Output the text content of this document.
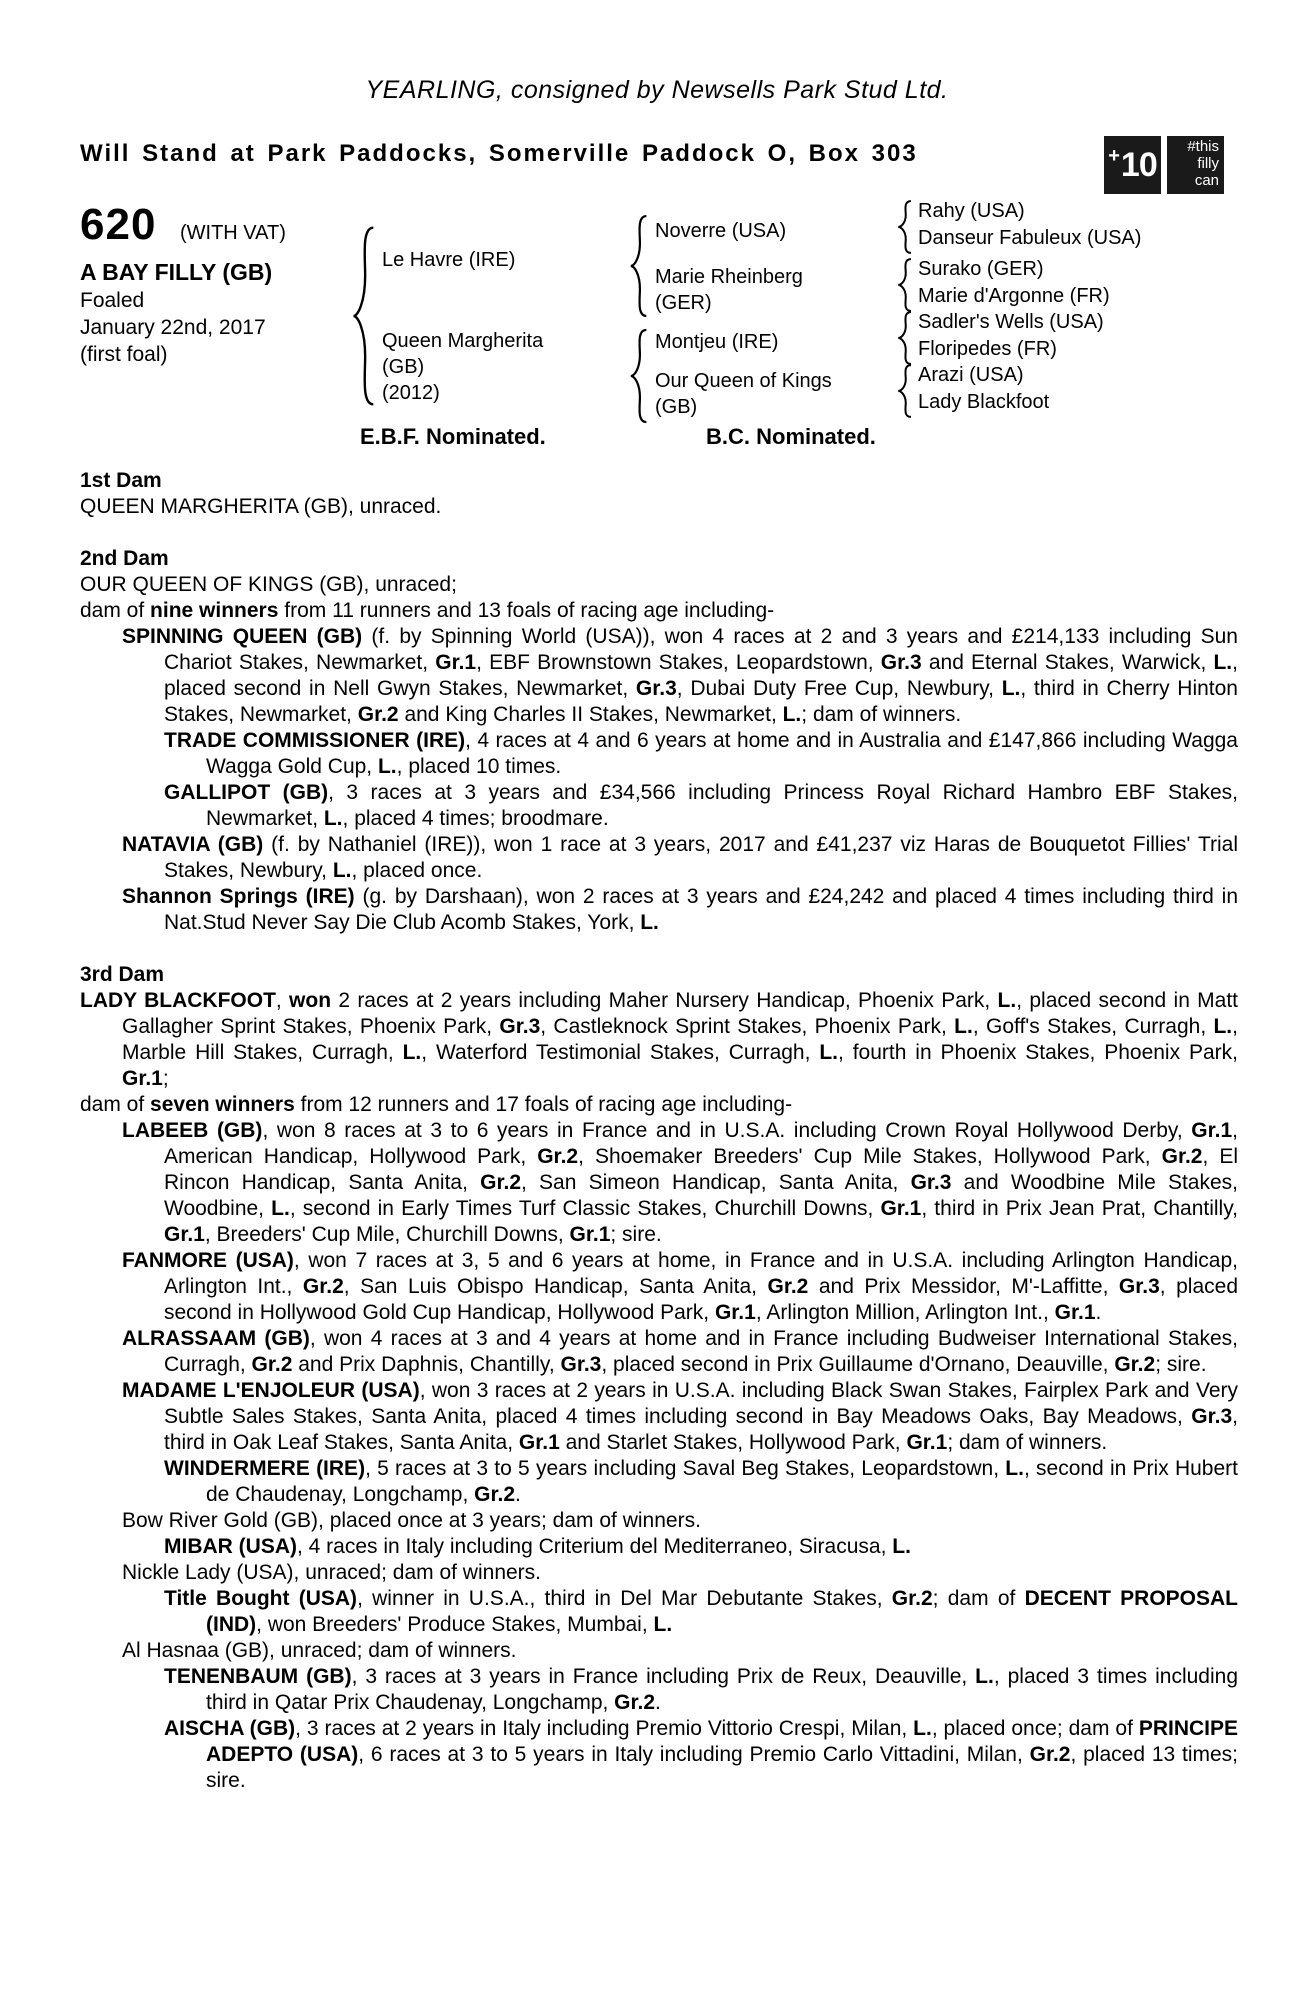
YEARLING, consigned by Newsells Park Stud Ltd.
Will Stand at Park Paddocks, Somerville Paddock O, Box 303	+ 10	#this
filly
can
620 (WITH VAT)
A BAY FILLY (GB)
Foaled
January 22nd, 2017
(first foal)
Le Havre (IRE)
Queen Margherita
(GB)
(2012)
Noverre (USA)
Marie Rheinberg
(GER)
Montjeu (IRE)
Our Queen of Kings
(GB)
Rahy (USA)
Danseur Fabuleux (USA)
Surako (GER)
Marie d'Argonne (FR)
Sadler's Wells (USA)
Floripedes (FR)
Arazi (USA)
Lady Blackfoot
E.B.F. Nominated.	B.C. Nominated.
1st Dam

QUEEN MARGHERITA (GB), unraced.

2nd Dam

OUR QUEEN OF KINGS (GB), unraced;

dam of nine winners from 11 runners and 13 foals of racing age including-

SPINNING QUEEN (GB) (f. by Spinning World (USA)), won 4 races at 2 and 3 years and £214,133 including Sun Chariot Stakes, Newmarket, Gr.1, EBF Brownstown Stakes, Leopardstown, Gr.3 and Eternal Stakes, Warwick, L., placed second in Nell Gwyn Stakes, Newmarket, Gr.3, Dubai Duty Free Cup, Newbury, L., third in Cherry Hinton Stakes, Newmarket, Gr.2 and King Charles II Stakes, Newmarket, L.; dam of winners.

TRADE COMMISSIONER (IRE), 4 races at 4 and 6 years at home and in Australia and £147,866 including Wagga Wagga Gold Cup, L., placed 10 times.

GALLIPOT (GB), 3 races at 3 years and £34,566 including Princess Royal Richard Hambro EBF Stakes, Newmarket, L., placed 4 times; broodmare.

NATAVIA (GB) (f. by Nathaniel (IRE)), won 1 race at 3 years, 2017 and £41,237 viz Haras de Bouquetot Fillies' Trial Stakes, Newbury, L., placed once.

Shannon Springs (IRE) (g. by Darshaan), won 2 races at 3 years and £24,242 and placed 4 times including third in Nat.Stud Never Say Die Club Acomb Stakes, York, L.

3rd Dam

LADY BLACKFOOT, won 2 races at 2 years including Maher Nursery Handicap, Phoenix Park, L., placed second in Matt Gallagher Sprint Stakes, Phoenix Park, Gr.3, Castleknock Sprint Stakes, Phoenix Park, L., Goff's Stakes, Curragh, L., Marble Hill Stakes, Curragh, L., Waterford Testimonial Stakes, Curragh, L., fourth in Phoenix Stakes, Phoenix Park, Gr.1;

dam of seven winners from 12 runners and 17 foals of racing age including-

LABEEB (GB), won 8 races at 3 to 6 years in France and in U.S.A. including Crown Royal Hollywood Derby, Gr.1, American Handicap, Hollywood Park, Gr.2, Shoemaker Breeders' Cup Mile Stakes, Hollywood Park, Gr.2, El Rincon Handicap, Santa Anita, Gr.2, San Simeon Handicap, Santa Anita, Gr.3 and Woodbine Mile Stakes, Woodbine, L., second in Early Times Turf Classic Stakes, Churchill Downs, Gr.1, third in Prix Jean Prat, Chantilly, Gr.1, Breeders' Cup Mile, Churchill Downs, Gr.1; sire.

FANMORE (USA), won 7 races at 3, 5 and 6 years at home, in France and in U.S.A. including Arlington Handicap, Arlington Int., Gr.2, San Luis Obispo Handicap, Santa Anita, Gr.2 and Prix Messidor, M'-Laffitte, Gr.3, placed second in Hollywood Gold Cup Handicap, Hollywood Park, Gr.1, Arlington Million, Arlington Int., Gr.1.

ALRASSAAM (GB), won 4 races at 3 and 4 years at home and in France including Budweiser International Stakes, Curragh, Gr.2 and Prix Daphnis, Chantilly, Gr.3, placed second in Prix Guillaume d'Ornano, Deauville, Gr.2; sire.

MADAME L'ENJOLEUR (USA), won 3 races at 2 years in U.S.A. including Black Swan Stakes, Fairplex Park and Very Subtle Sales Stakes, Santa Anita, placed 4 times including second in Bay Meadows Oaks, Bay Meadows, Gr.3, third in Oak Leaf Stakes, Santa Anita, Gr.1 and Starlet Stakes, Hollywood Park, Gr.1; dam of winners.

WINDERMERE (IRE), 5 races at 3 to 5 years including Saval Beg Stakes, Leopardstown, L., second in Prix Hubert de Chaudenay, Longchamp, Gr.2.

Bow River Gold (GB), placed once at 3 years; dam of winners.

MIBAR (USA), 4 races in Italy including Criterium del Mediterraneo, Siracusa, L.

Nickle Lady (USA), unraced; dam of winners.

Title Bought (USA), winner in U.S.A., third in Del Mar Debutante Stakes, Gr.2; dam of DECENT PROPOSAL (IND), won Breeders' Produce Stakes, Mumbai, L.

Al Hasnaa (GB), unraced; dam of winners.

TENENBAUM (GB), 3 races at 3 years in France including Prix de Reux, Deauville, L., placed 3 times including third in Qatar Prix Chaudenay, Longchamp, Gr.2.

AISCHA (GB), 3 races at 2 years in Italy including Premio Vittorio Crespi, Milan, L., placed once; dam of PRINCIPE ADEPTO (USA), 6 races at 3 to 5 years in Italy including Premio Carlo Vittadini, Milan, Gr.2, placed 13 times; sire.
